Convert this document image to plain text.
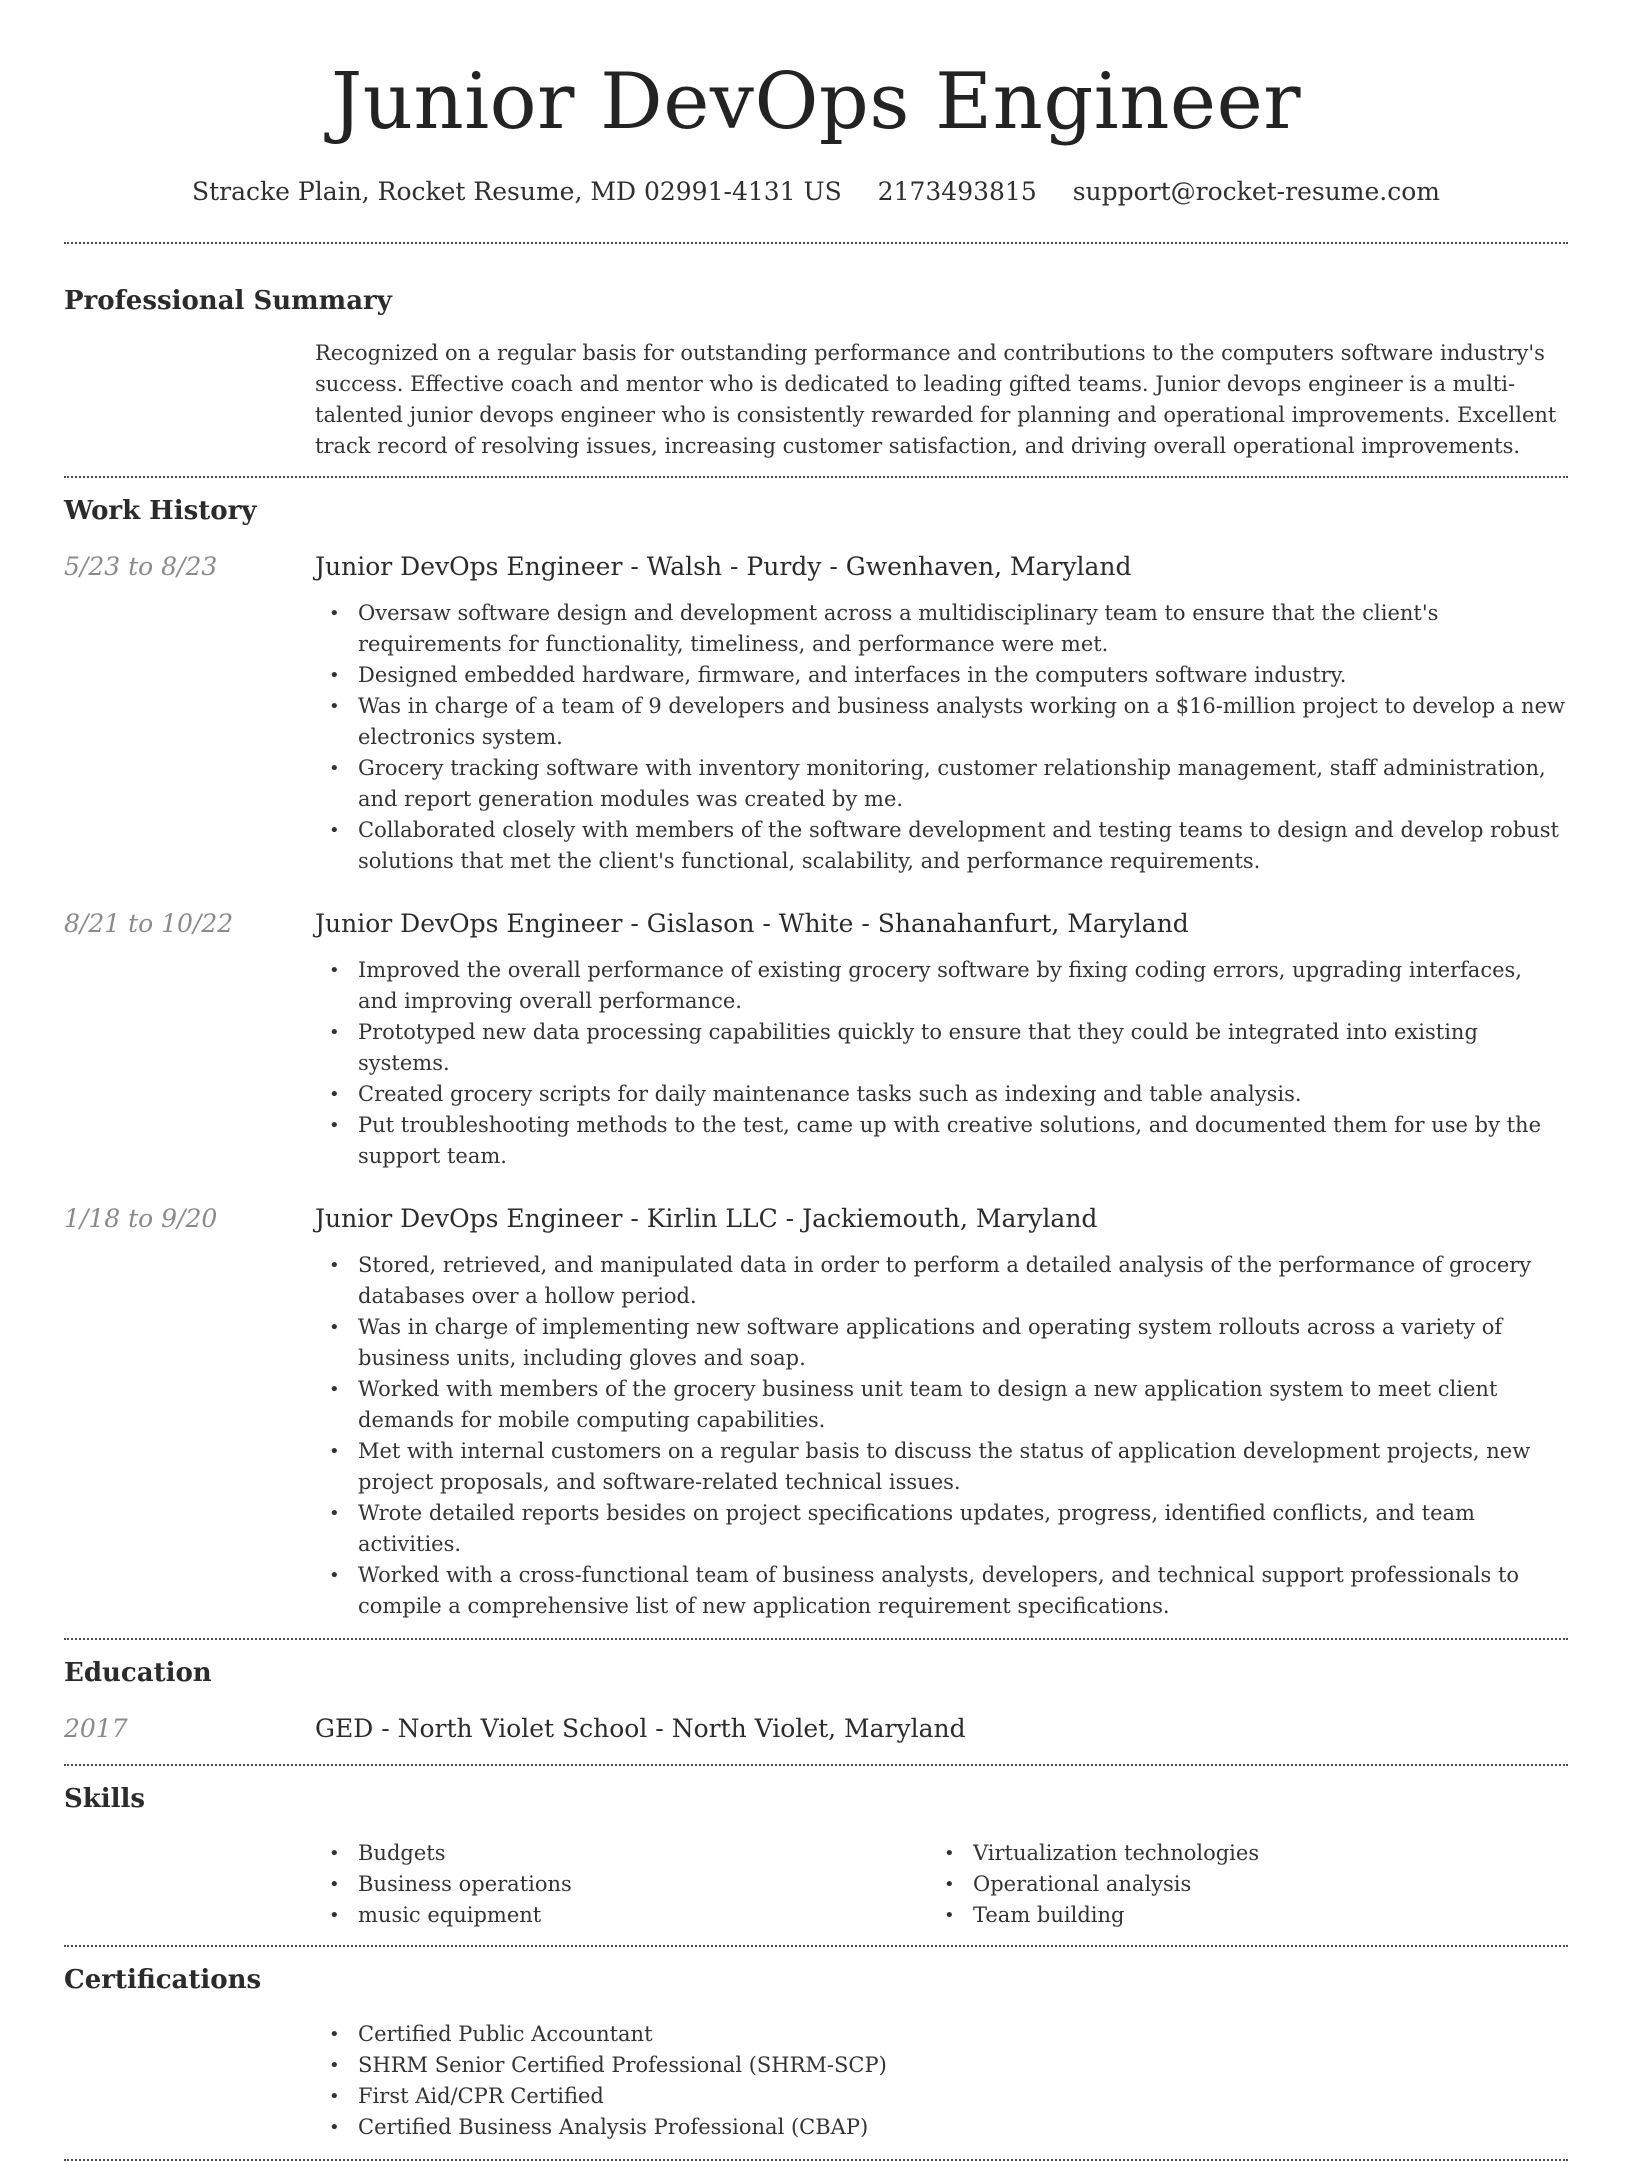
Junior DevOps Engineer
Stracke Plain, Rocket Resume, MD 02991-4131 US 2173493815 support@rocket-resume.com
Professional Summary
Recognized on a regular basis for outstanding performance and contributions to the computers software industry's success. Effective coach and mentor who is dedicated to leading gifted teams. Junior devops engineer is a multi-talented junior devops engineer who is consistently rewarded for planning and operational improvements. Excellent track record of resolving issues, increasing customer satisfaction, and driving overall operational improvements.
Work History
5/23 to 8/23	Junior DevOps Engineer - Walsh - Purdy - Gwenhaven, Maryland
• Oversaw software design and development across a multidisciplinary team to ensure that the client's requirements for functionality, timeliness, and performance were met.
• Designed embedded hardware, firmware, and interfaces in the computers software industry.
• Was in charge of a team of 9 developers and business analysts working on a $16-million project to develop a new electronics system.
• Grocery tracking software with inventory monitoring, customer relationship management, staff administration, and report generation modules was created by me.
• Collaborated closely with members of the software development and testing teams to design and develop robust solutions that met the client's functional, scalability, and performance requirements.
8/21 to 10/22	Junior DevOps Engineer - Gislason - White - Shanahanfurt, Maryland
• Improved the overall performance of existing grocery software by fixing coding errors, upgrading interfaces, and improving overall performance.
• Prototyped new data processing capabilities quickly to ensure that they could be integrated into existing systems.
• Created grocery scripts for daily maintenance tasks such as indexing and table analysis.
• Put troubleshooting methods to the test, came up with creative solutions, and documented them for use by the support team.
1/18 to 9/20	Junior DevOps Engineer - Kirlin LLC - Jackiemouth, Maryland
• Stored, retrieved, and manipulated data in order to perform a detailed analysis of the performance of grocery databases over a hollow period.
• Was in charge of implementing new software applications and operating system rollouts across a variety of business units, including gloves and soap.
• Worked with members of the grocery business unit team to design a new application system to meet client demands for mobile computing capabilities.
• Met with internal customers on a regular basis to discuss the status of application development projects, new project proposals, and software-related technical issues.
• Wrote detailed reports besides on project specifications updates, progress, identified conflicts, and team activities.
• Worked with a cross-functional team of business analysts, developers, and technical support professionals to compile a comprehensive list of new application requirement specifications.
Education
2017	GED - North Violet School - North Violet, Maryland
Skills
• Budgets
• Business operations
• music equipment
• Virtualization technologies
• Operational analysis
• Team building
Certifications
• Certified Public Accountant
• SHRM Senior Certified Professional (SHRM-SCP)
• First Aid/CPR Certified
• Certified Business Analysis Professional (CBAP)
